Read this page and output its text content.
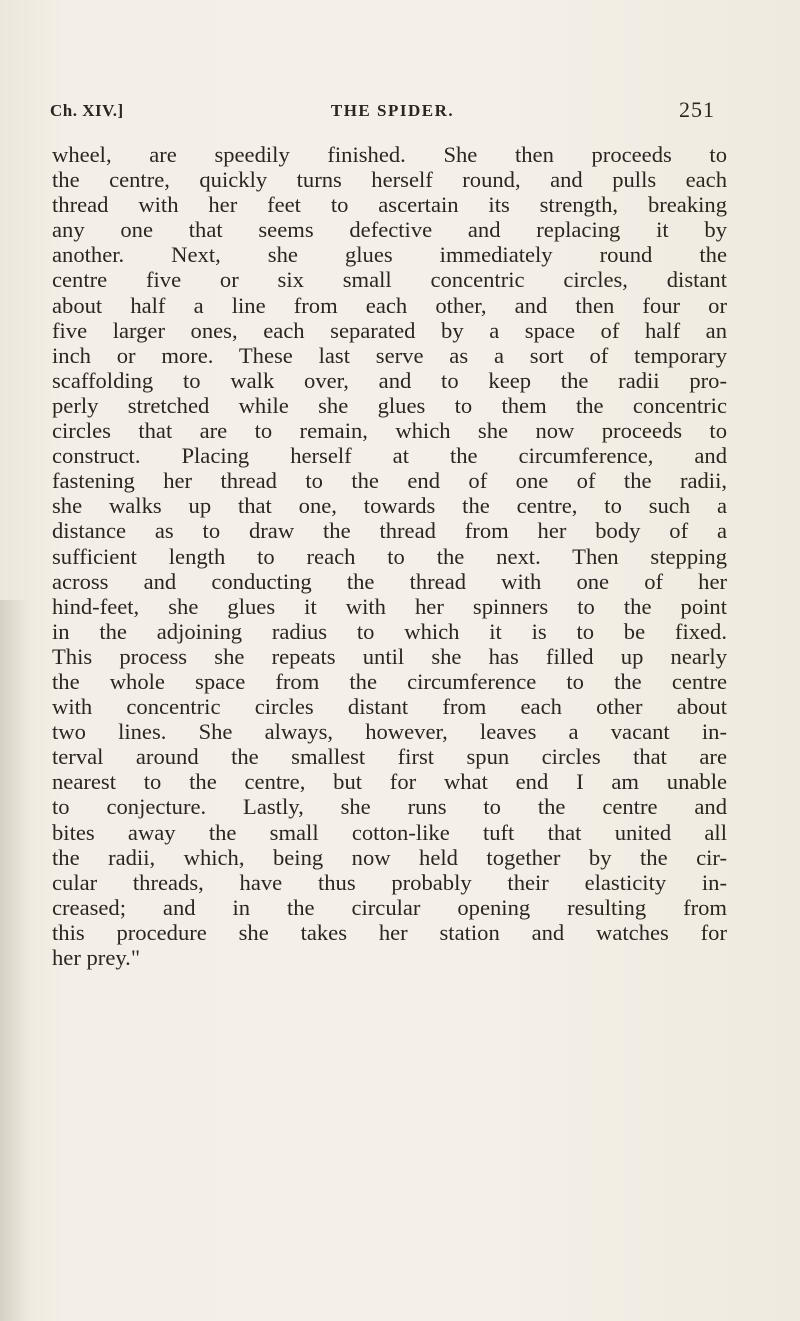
Ch. XIV.]	THE SPIDER.	251
wheel, are speedily finished. She then proceeds to
the centre, quickly turns herself round, and pulls each
thread with her feet to ascertain its strength, breaking
any one that seems defective and replacing it by
another. Next, she glues immediately round the
centre five or six small concentric circles, distant
about half a line from each other, and then four or
five larger ones, each separated by a space of half an
inch or more. These last serve as a sort of temporary
scaffolding to walk over, and to keep the radii pro-
perly stretched while she glues to them the concentric
circles that are to remain, which she now proceeds to
construct. Placing herself at the circumference, and
fastening her thread to the end of one of the radii,
she walks up that one, towards the centre, to such a
distance as to draw the thread from her body of a
sufficient length to reach to the next. Then stepping
across and conducting the thread with one of her
hind-feet, she glues it with her spinners to the point
in the adjoining radius to which it is to be fixed.
This process she repeats until she has filled up nearly
the whole space from the circumference to the centre
with concentric circles distant from each other about
two lines. She always, however, leaves a vacant in-
terval around the smallest first spun circles that are
nearest to the centre, but for what end I am unable
to conjecture. Lastly, she runs to the centre and
bites away the small cotton-like tuft that united all
the radii, which, being now held together by the cir-
cular threads, have thus probably their elasticity in-
creased; and in the circular opening resulting from
this procedure she takes her station and watches for
her prey."
